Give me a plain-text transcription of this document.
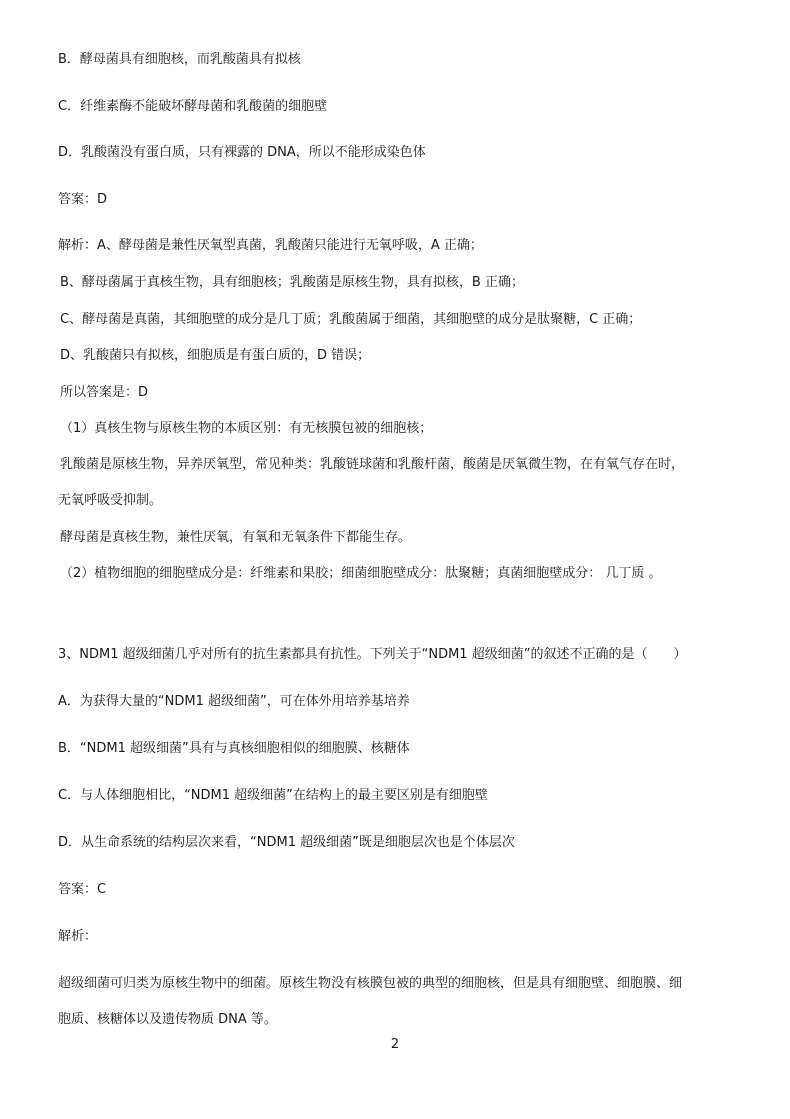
B．酵母菌具有细胞核，而乳酸菌具有拟核
C．纤维素酶不能破坏酵母菌和乳酸菌的细胞壁
D．乳酸菌没有蛋白质，只有裸露的 DNA，所以不能形成染色体
答案：D
解析：A、酵母菌是兼性厌氧型真菌，乳酸菌只能进行无氧呼吸，A 正确；
B、酵母菌属于真核生物，具有细胞核；乳酸菌是原核生物，具有拟核，B 正确；
C、酵母菌是真菌，其细胞壁的成分是几丁质；乳酸菌属于细菌，其细胞壁的成分是肽聚糖，C 正确；
D、乳酸菌只有拟核，细胞质是有蛋白质的，D 错误；
所以答案是：D
（1）真核生物与原核生物的本质区别：有无核膜包被的细胞核；
乳酸菌是原核生物，异养厌氧型，常见种类：乳酸链球菌和乳酸杆菌，酸菌是厌氧微生物，在有氧气存在时，
无氧呼吸受抑制。
酵母菌是真核生物，兼性厌氧，有氧和无氧条件下都能生存。
（2）植物细胞的细胞壁成分是：纤维素和果胶；细菌细胞壁成分：肽聚糖；真菌细胞壁成分： 几丁质 。
3、NDM1 超级细菌几乎对所有的抗生素都具有抗性。下列关于“NDM1 超级细菌”的叙述不正确的是（　　）
A．为获得大量的“NDM1 超级细菌”，可在体外用培养基培养
B．“NDM1 超级细菌”具有与真核细胞相似的细胞膜、核糖体
C．与人体细胞相比，“NDM1 超级细菌”在结构上的最主要区别是有细胞壁
D．从生命系统的结构层次来看，“NDM1 超级细菌”既是细胞层次也是个体层次
答案：C
解析：
超级细菌可归类为原核生物中的细菌。原核生物没有核膜包被的典型的细胞核，但是具有细胞壁、细胞膜、细
胞质、核糖体以及遗传物质 DNA 等。
2
